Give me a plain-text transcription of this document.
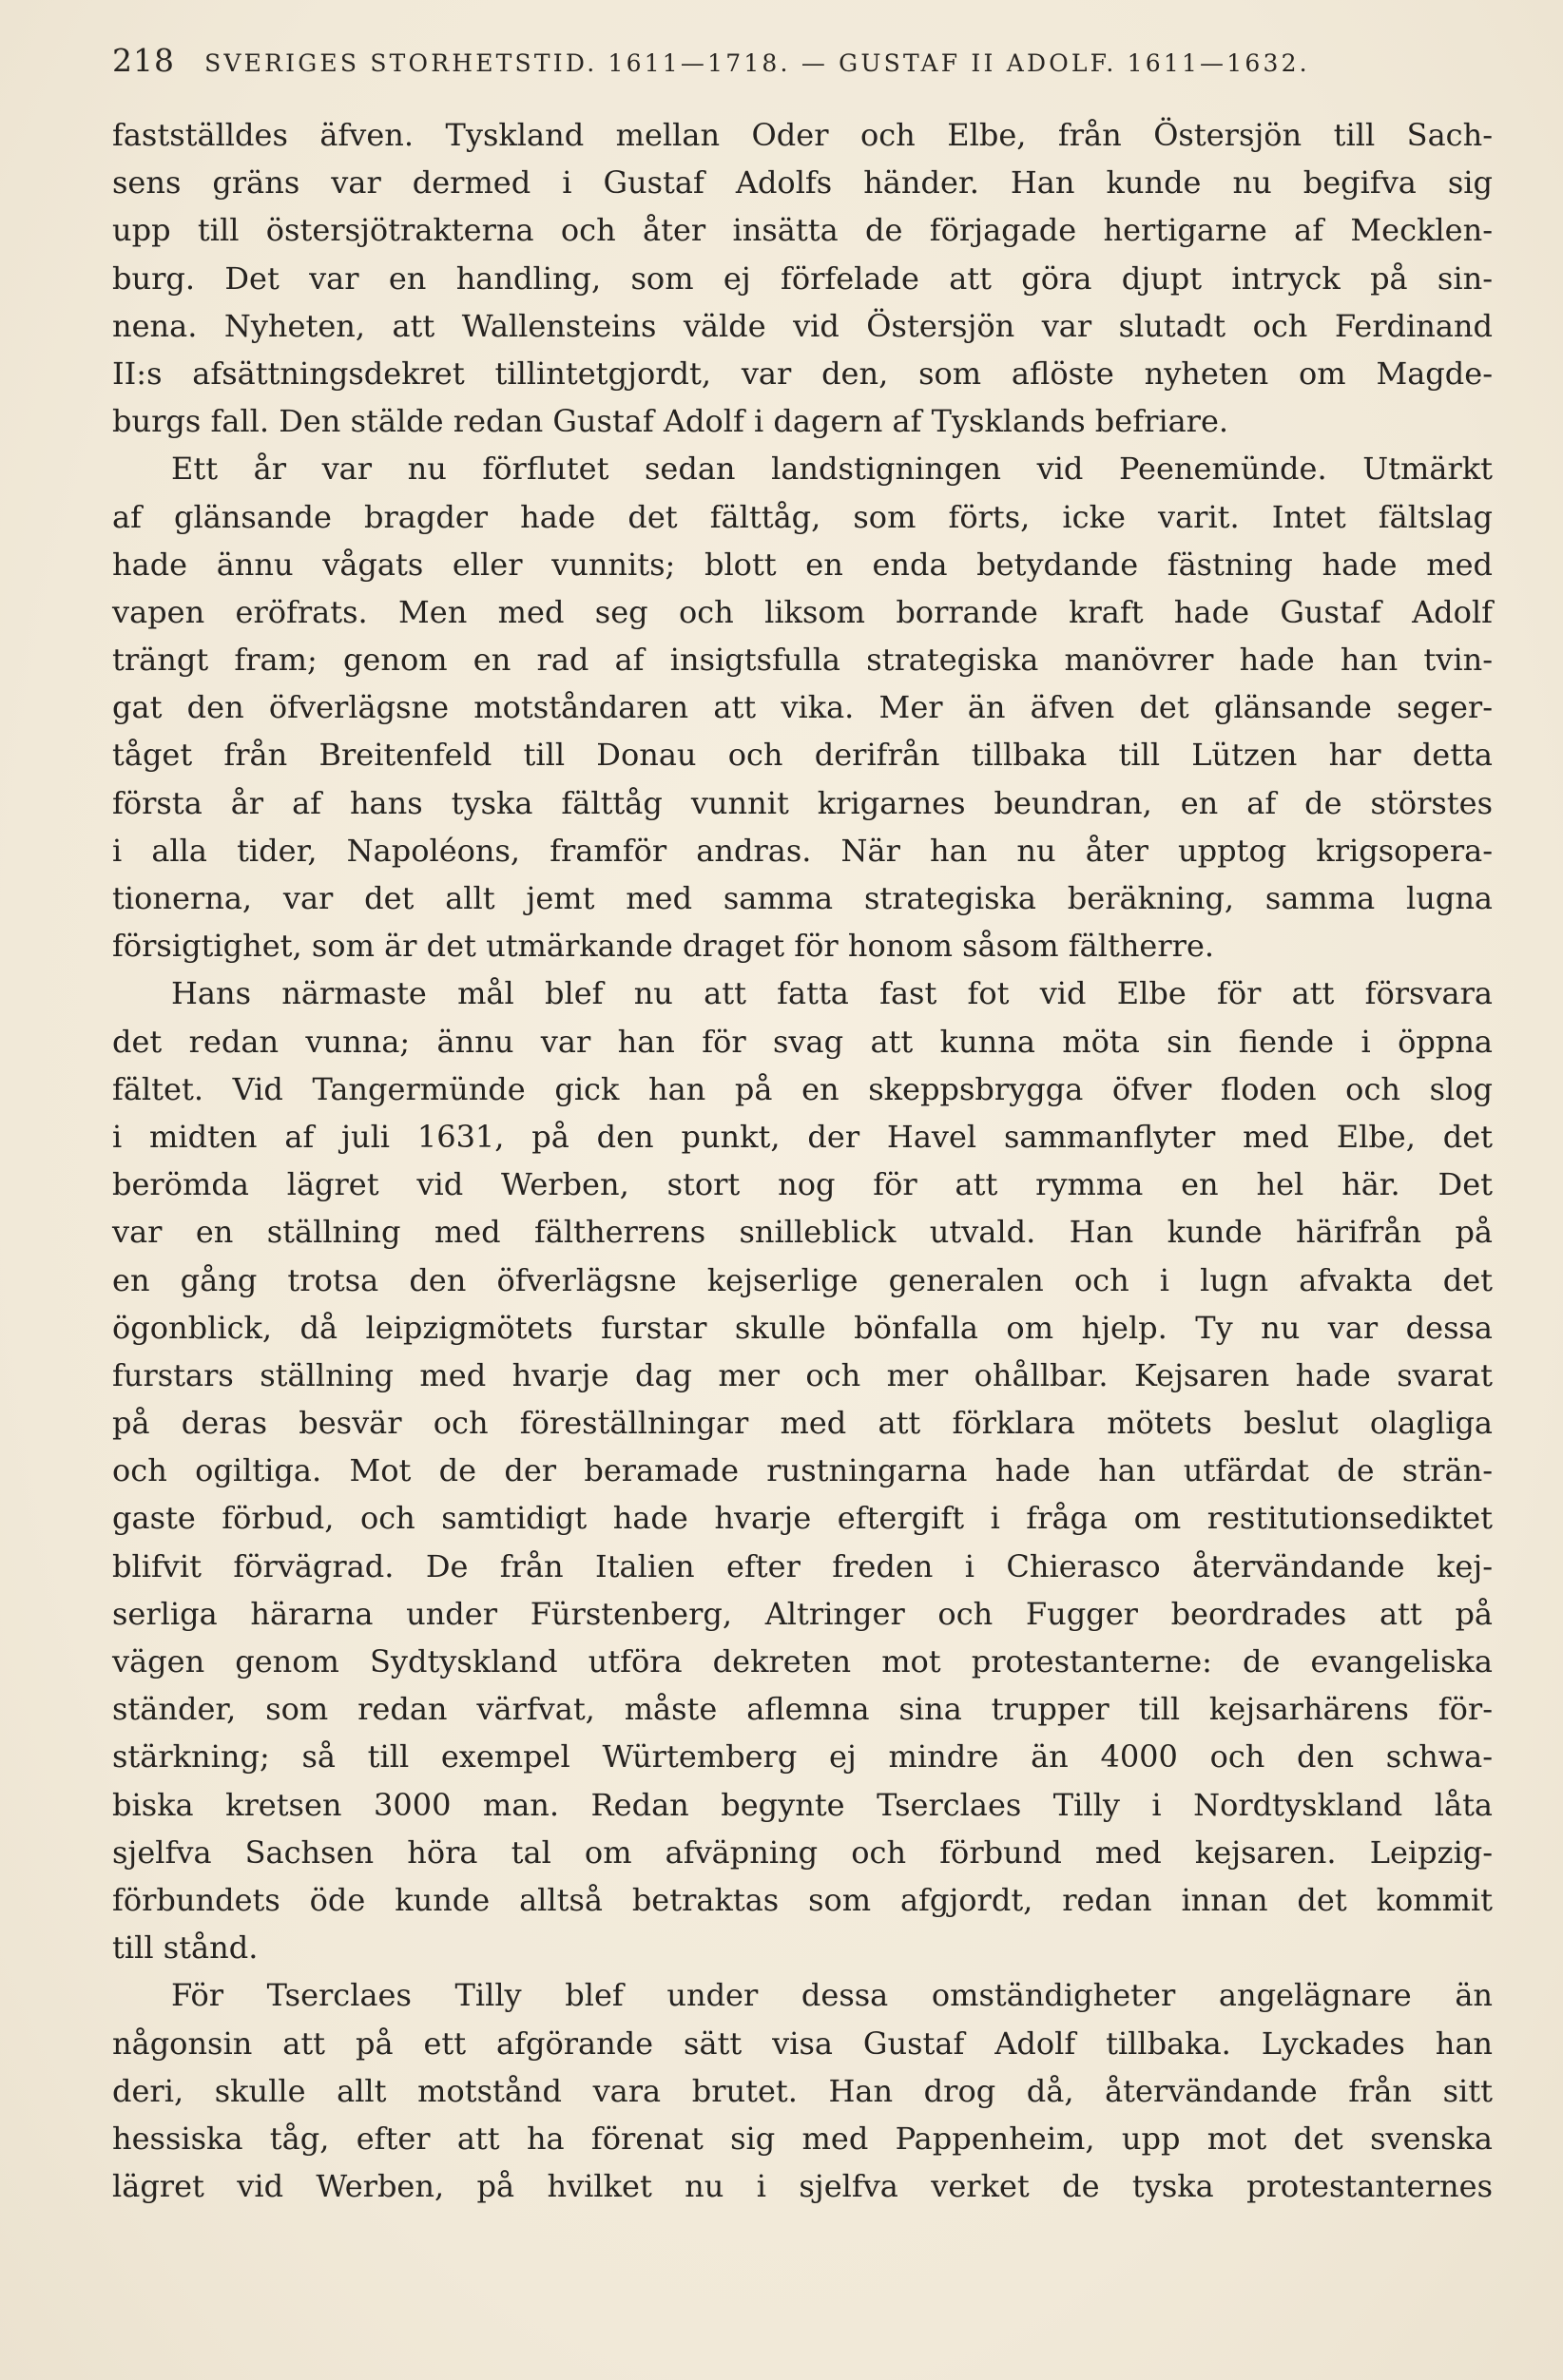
218 SVERIGES STORHETSTID. 1611—1718. — GUSTAF II ADOLF. 1611—1632.
fastställdes äfven. Tyskland mellan Oder och Elbe, från Östersjön till Sach-
sens gräns var dermed i Gustaf Adolfs händer. Han kunde nu begifva sig
upp till östersjötrakterna och åter insätta de förjagade hertigarne af Mecklen-
burg. Det var en handling, som ej förfelade att göra djupt intryck på sin-
nena. Nyheten, att Wallensteins välde vid Östersjön var slutadt och Ferdinand
II:s afsättningsdekret tillintetgjordt, var den, som aflöste nyheten om Magde-
burgs fall. Den stälde redan Gustaf Adolf i dagern af Tysklands befriare.
Ett år var nu förflutet sedan landstigningen vid Peenemünde. Utmärkt
af glänsande bragder hade det fälttåg, som förts, icke varit. Intet fältslag
hade ännu vågats eller vunnits; blott en enda betydande fästning hade med
vapen eröfrats. Men med seg och liksom borrande kraft hade Gustaf Adolf
trängt fram; genom en rad af insigtsfulla strategiska manövrer hade han tvin-
gat den öfverlägsne motståndaren att vika. Mer än äfven det glänsande seger-
tåget från Breitenfeld till Donau och derifrån tillbaka till Lützen har detta
första år af hans tyska fälttåg vunnit krigarnes beundran, en af de störstes
i alla tider, Napoléons, framför andras. När han nu åter upptog krigsopera-
tionerna, var det allt jemt med samma strategiska beräkning, samma lugna
försigtighet, som är det utmärkande draget för honom såsom fältherre.
Hans närmaste mål blef nu att fatta fast fot vid Elbe för att försvara
det redan vunna; ännu var han för svag att kunna möta sin fiende i öppna
fältet. Vid Tangermünde gick han på en skeppsbrygga öfver floden och slog
i midten af juli 1631, på den punkt, der Havel sammanflyter med Elbe, det
berömda lägret vid Werben, stort nog för att rymma en hel här. Det
var en ställning med fältherrens snilleblick utvald. Han kunde härifrån på
en gång trotsa den öfverlägsne kejserlige generalen och i lugn afvakta det
ögonblick, då leipzigmötets furstar skulle bönfalla om hjelp. Ty nu var dessa
furstars ställning med hvarje dag mer och mer ohållbar. Kejsaren hade svarat
på deras besvär och föreställningar med att förklara mötets beslut olagliga
och ogiltiga. Mot de der beramade rustningarna hade han utfärdat de strän-
gaste förbud, och samtidigt hade hvarje eftergift i fråga om restitutionsediktet
blifvit förvägrad. De från Italien efter freden i Chierasco återvändande kej-
serliga härarna under Fürstenberg, Altringer och Fugger beordrades att på
vägen genom Sydtyskland utföra dekreten mot protestanterne: de evangeliska
ständer, som redan värfvat, måste aflemna sina trupper till kejsarhärens för-
stärkning; så till exempel Würtemberg ej mindre än 4000 och den schwa-
biska kretsen 3000 man. Redan begynte Tserclaes Tilly i Nordtyskland låta
sjelfva Sachsen höra tal om afväpning och förbund med kejsaren. Leipzig-
förbundets öde kunde alltså betraktas som afgjordt, redan innan det kommit
till stånd.
För Tserclaes Tilly blef under dessa omständigheter angelägnare än
någonsin att på ett afgörande sätt visa Gustaf Adolf tillbaka. Lyckades han
deri, skulle allt motstånd vara brutet. Han drog då, återvändande från sitt
hessiska tåg, efter att ha förenat sig med Pappenheim, upp mot det svenska
lägret vid Werben, på hvilket nu i sjelfva verket de tyska protestanternes
